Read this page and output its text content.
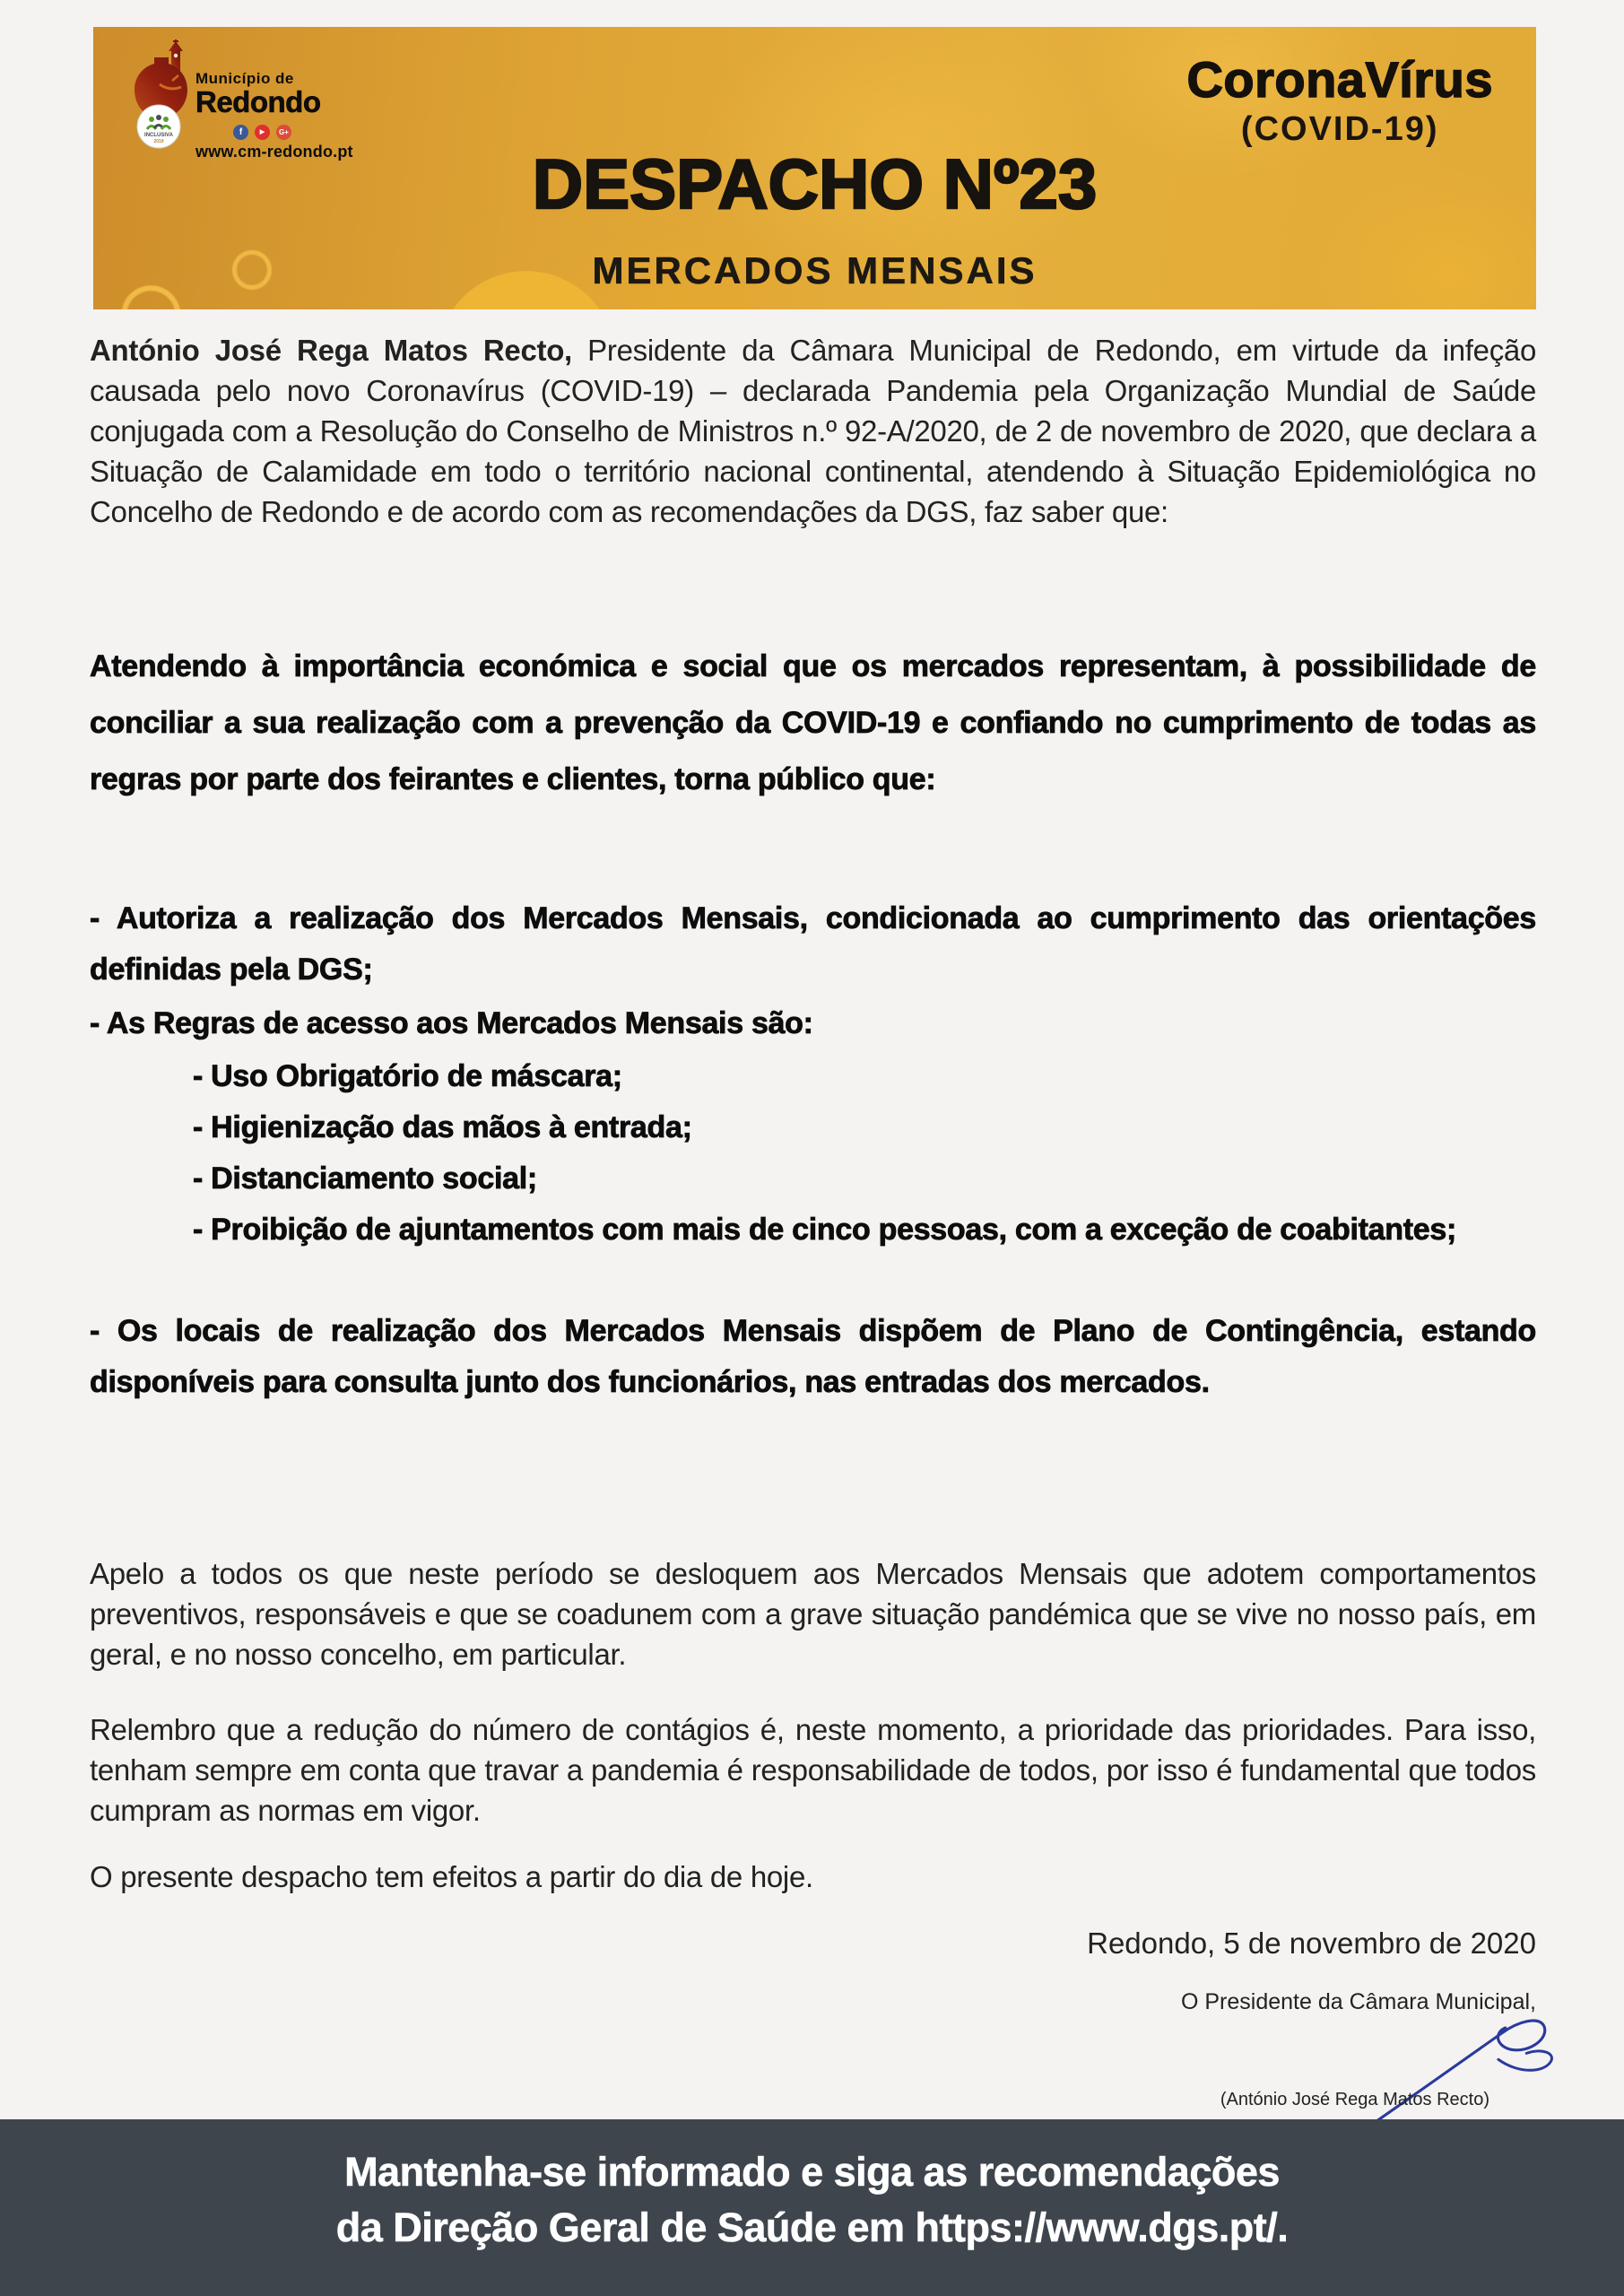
INCLUSIVA
2019
Município de
Redondo
f	▶	G+
www.cm-redondo.pt
CoronaVírus
(COVID-19)
DESPACHO Nº23
MERCADOS MENSAIS

António José Rega Matos Recto, Presidente da Câmara Municipal de Redondo, em virtude da infeção causada pelo novo Coronavírus (COVID-19) – declarada Pandemia pela Organização Mundial de Saúde conjugada com a Resolução do Conselho de Ministros n.º 92-A/2020, de 2 de novembro de 2020, que declara a Situação de Calamidade em todo o território nacional continental, atendendo à Situação Epidemiológica no Concelho de Redondo e de acordo com as recomendações da DGS, faz saber que:

Atendendo à importância económica e social que os mercados representam, à possibilidade de conciliar a sua realização com a prevenção da COVID-19 e confiando no cumprimento de todas as regras por parte dos feirantes e clientes, torna público que:

- Autoriza a realização dos Mercados Mensais, condicionada ao cumprimento das orientações definidas pela DGS;

- As Regras de acesso aos Mercados Mensais são:

- Uso Obrigatório de máscara;

- Higienização das mãos à entrada;

- Distanciamento social;

- Proibição de ajuntamentos com mais de cinco pessoas, com a exceção de coabitantes;

- Os locais de realização dos Mercados Mensais dispõem de Plano de Contingência, estando disponíveis para consulta junto dos funcionários, nas entradas dos mercados.

Apelo a todos os que neste período se desloquem aos Mercados Mensais que adotem comportamentos preventivos, responsáveis e que se coadunem com a grave situação pandémica que se vive no nosso país, em geral, e no nosso concelho, em particular.

Relembro que a redução do número de contágios é, neste momento, a prioridade das prioridades. Para isso, tenham sempre em conta que travar a pandemia é responsabilidade de todos, por isso é fundamental que todos cumpram as normas em vigor.

O presente despacho tem efeitos a partir do dia de hoje.

Redondo, 5 de novembro de 2020

O Presidente da Câmara Municipal,

(António José Rega Matos Recto)

Mantenha-se informado e siga as recomendações

da Direção Geral de Saúde em https://www.dgs.pt/.
